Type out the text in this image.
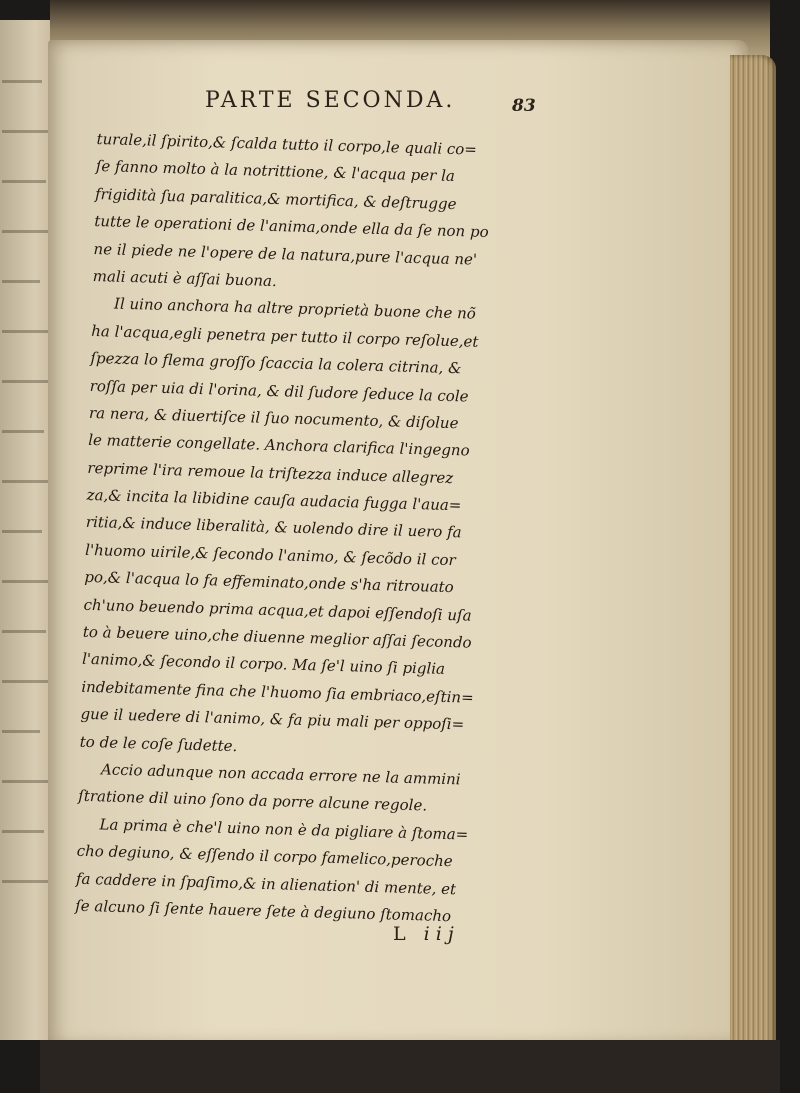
PARTE SECONDA.	83
turale,il ſpirito,& ſcalda tutto il corpo,le quali co=
ſe fanno molto à la notrittione, & l'acqua per la
frigidità ſua paralitica,& mortifica, & deſtrugge
tutte le operationi de l'anima,onde ella da ſe non po
ne il piede ne l'opere de la natura,pure l'acqua ne'
mali acuti è aſſai buona.
Il uino anchora ha altre proprietà buone che nõ
ha l'acqua,egli penetra per tutto il corpo reſolue,et
ſpezza lo flema groſſo ſcaccia la colera citrina, &
roſſa per uia di l'orina, & dil ſudore ſeduce la cole
ra nera, & diuertiſce il ſuo nocumento, & diſolue
le matterie congellate. Anchora clarifica l'ingegno
reprime l'ira remoue la triſtezza induce allegrez
za,& incita la libidine cauſa audacia fugga l'aua=
ritia,& induce liberalità, & uolendo dire il uero fa
l'huomo uirile,& ſecondo l'animo, & ſecõdo il cor
po,& l'acqua lo fa effeminato,onde s'ha ritrouato
ch'uno beuendo prima acqua,et dapoi eſſendoſi uſa
to à beuere uino,che diuenne meglior aſſai ſecondo
l'animo,& ſecondo il corpo. Ma ſe'l uino ſi piglia
indebitamente fina che l'huomo ſia embriaco,eſtin=
gue il uedere di l'animo, & fa piu mali per oppoſi=
to de le coſe ſudette.
Accio adunque non accada errore ne la ammini
ſtratione dil uino ſono da porre alcune regole.
La prima è che'l uino non è da pigliare à ſtoma=
cho degiuno, & eſſendo il corpo famelico,peroche
fa caddere in ſpaſimo,& in alienation' di mente, et
ſe alcuno ſi ſente hauere ſete à degiuno ſtomacho
L iij
